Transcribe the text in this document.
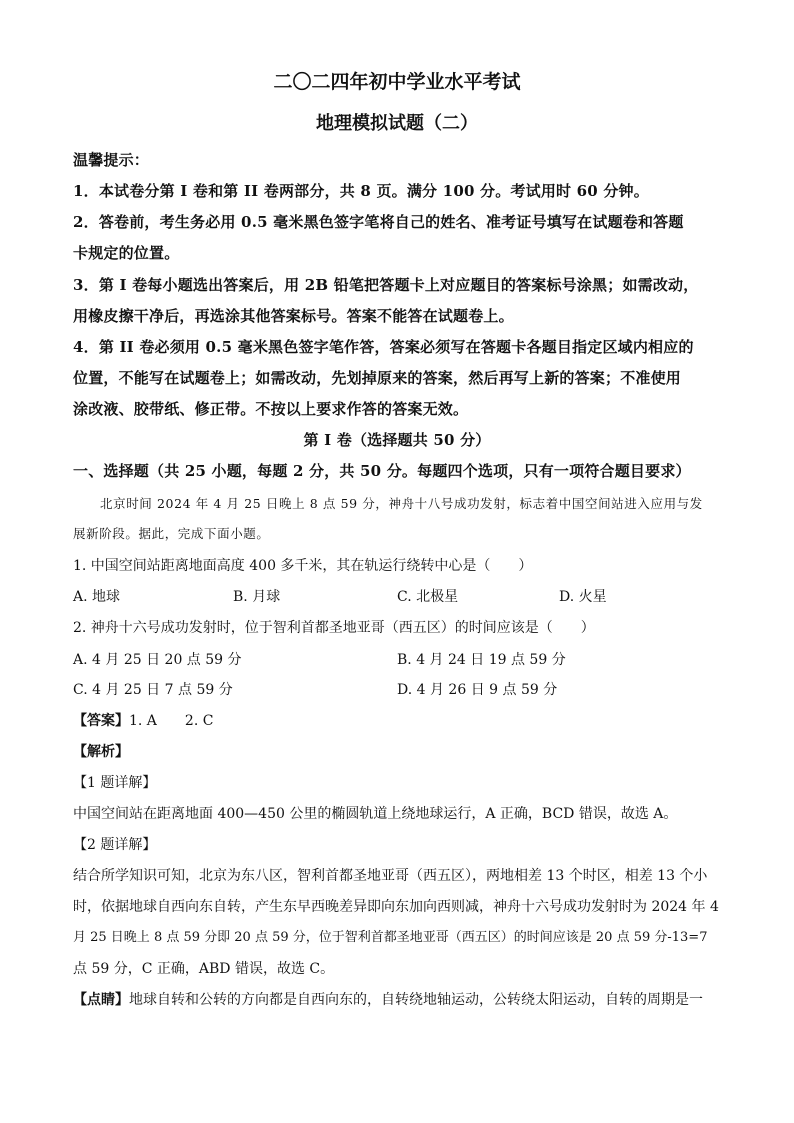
二〇二四年初中学业水平考试
地理模拟试题（二）
温馨提示：
1．本试卷分第 I 卷和第 II 卷两部分，共 8 页。满分 100 分。考试用时 60 分钟。
2．答卷前，考生务必用 0.5 毫米黑色签字笔将自己的姓名、准考证号填写在试题卷和答题
卡规定的位置。
3．第 I 卷每小题选出答案后，用 2B 铅笔把答题卡上对应题目的答案标号涂黑；如需改动，
用橡皮擦干净后，再选涂其他答案标号。答案不能答在试题卷上。
4．第 II 卷必须用 0.5 毫米黑色签字笔作答，答案必须写在答题卡各题目指定区域内相应的
位置，不能写在试题卷上；如需改动，先划掉原来的答案，然后再写上新的答案；不准使用
涂改液、胶带纸、修正带。不按以上要求作答的答案无效。
第 I 卷（选择题共 50 分）
一、选择题（共 25 小题，每题 2 分，共 50 分。每题四个选项，只有一项符合题目要求）
北京时间 2024 年 4 月 25 日晚上 8 点 59 分，神舟十八号成功发射，标志着中国空间站进入应用与发
展新阶段。据此，完成下面小题。
1. 中国空间站距离地面高度 400 多千米，其在轨运行绕转中心是（　　）
A. 地球	B. 月球	C. 北极星	D. 火星
2. 神舟十六号成功发射时，位于智利首都圣地亚哥（西五区）的时间应该是（　　）
A. 4 月 25 日 20 点 59 分	B. 4 月 24 日 19 点 59 分
C. 4 月 25 日 7 点 59 分	D. 4 月 26 日 9 点 59 分
【答案】1. A　　2. C
【解析】
【1 题详解】
中国空间站在距离地面 400—450 公里的椭圆轨道上绕地球运行，A 正确，BCD 错误，故选 A。
【2 题详解】
结合所学知识可知，北京为东八区，智利首都圣地亚哥（西五区），两地相差 13 个时区，相差 13 个小
时，依据地球自西向东自转，产生东早西晚差异即向东加向西则减，神舟十六号成功发射时为 2024 年 4
月 25 日晚上 8 点 59 分即 20 点 59 分，位于智利首都圣地亚哥（西五区）的时间应该是 20 点 59 分-13=7
点 59 分，C 正确，ABD 错误，故选 C。
【点睛】地球自转和公转的方向都是自西向东的，自转绕地轴运动，公转绕太阳运动，自转的周期是一
